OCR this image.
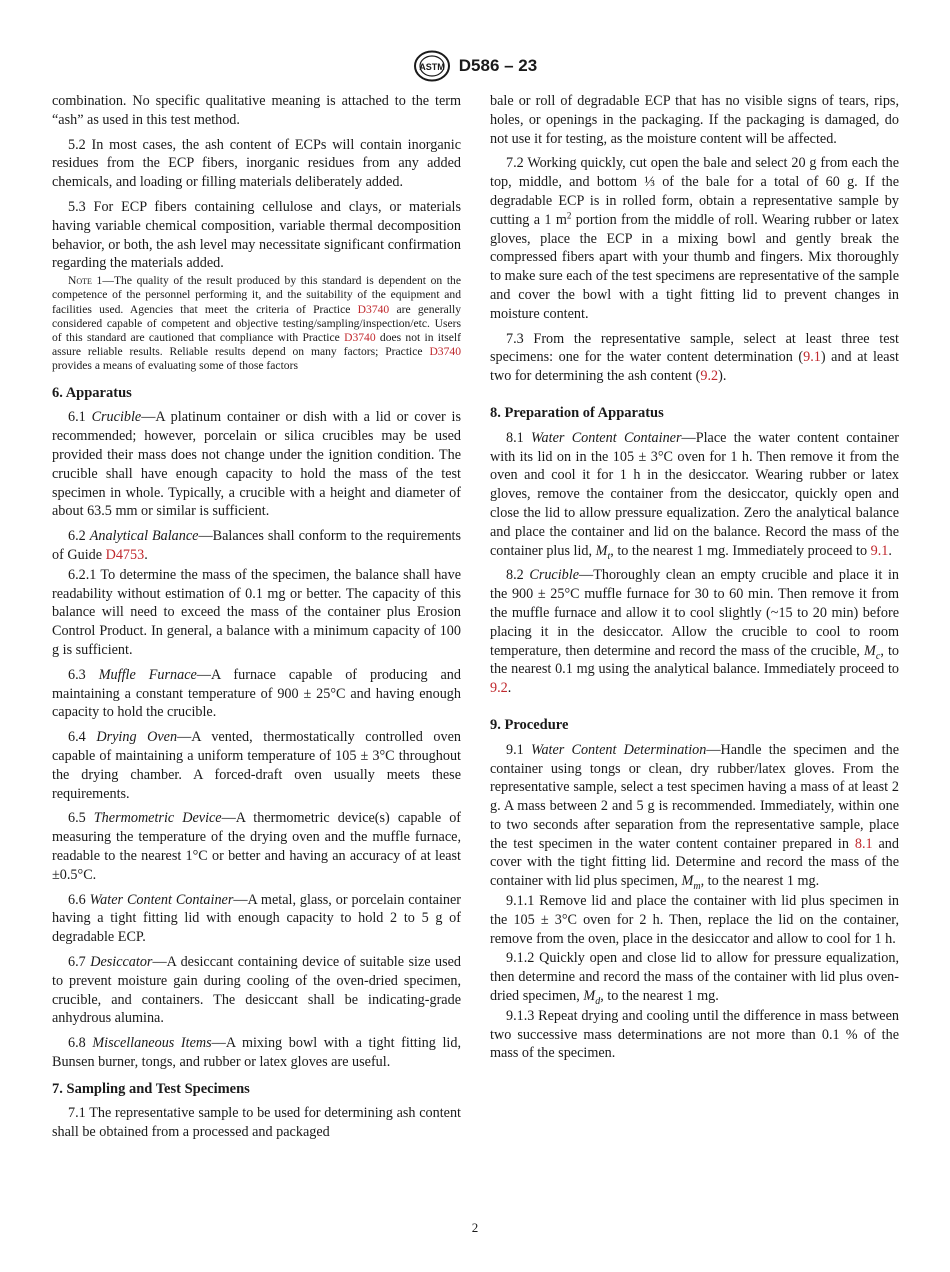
ASTM D586 – 23

combination. No specific qualitative meaning is attached to the term “ash” as used in this test method.

5.2 In most cases, the ash content of ECPs will contain inorganic residues from the ECP fibers, inorganic residues from any added chemicals, and loading or filling materials deliberately added.

5.3 For ECP fibers containing cellulose and clays, or materials having variable chemical composition, variable thermal decomposition behavior, or both, the ash level may necessitate significant confirmation regarding the materials added.

Note 1—The quality of the result produced by this standard is dependent on the competence of the personnel performing it, and the suitability of the equipment and facilities used. Agencies that meet the criteria of Practice D3740 are generally considered capable of competent and objective testing/sampling/inspection/etc. Users of this standard are cautioned that compliance with Practice D3740 does not in itself assure reliable results. Reliable results depend on many factors; Practice D3740 provides a means of evaluating some of those factors
6. Apparatus

6.1 Crucible—A platinum container or dish with a lid or cover is recommended; however, porcelain or silica crucibles may be used provided their mass does not change under the ignition condition. The crucible shall have enough capacity to hold the mass of the test specimen in whole. Typically, a crucible with a height and diameter of about 63.5 mm or similar is sufficient.

6.2 Analytical Balance—Balances shall conform to the requirements of Guide D4753.

6.2.1 To determine the mass of the specimen, the balance shall have readability without estimation of 0.1 mg or better. The capacity of this balance will need to exceed the mass of the container plus Erosion Control Product. In general, a balance with a minimum capacity of 100 g is sufficient.

6.3 Muffle Furnace—A furnace capable of producing and maintaining a constant temperature of 900 ± 25°C and having enough capacity to hold the crucible.

6.4 Drying Oven—A vented, thermostatically controlled oven capable of maintaining a uniform temperature of 105 ± 3°C throughout the drying chamber. A forced-draft oven usually meets these requirements.

6.5 Thermometric Device—A thermometric device(s) capable of measuring the temperature of the drying oven and the muffle furnace, readable to the nearest 1°C or better and having an accuracy of at least ±0.5°C.

6.6 Water Content Container—A metal, glass, or porcelain container having a tight fitting lid with enough capacity to hold 2 to 5 g of degradable ECP.

6.7 Desiccator—A desiccant containing device of suitable size used to prevent moisture gain during cooling of the oven-dried specimen, crucible, and containers. The desiccant shall be indicating-grade anhydrous alumina.

6.8 Miscellaneous Items—A mixing bowl with a tight fitting lid, Bunsen burner, tongs, and rubber or latex gloves are useful.

7. Sampling and Test Specimens

7.1 The representative sample to be used for determining ash content shall be obtained from a processed and packaged

bale or roll of degradable ECP that has no visible signs of tears, rips, holes, or openings in the packaging. If the packaging is damaged, do not use it for testing, as the moisture content will be affected.

7.2 Working quickly, cut open the bale and select 20 g from each the top, middle, and bottom ⅓ of the bale for a total of 60 g. If the degradable ECP is in rolled form, obtain a representative sample by cutting a 1 $m^2$ portion from the middle of roll. Wearing rubber or latex gloves, place the ECP in a mixing bowl and gently break the compressed fibers apart with your thumb and fingers. Mix thoroughly to make sure each of the test specimens are representative of the sample and cover the bowl with a tight fitting lid to prevent changes in moisture content.

7.3 From the representative sample, select at least three test specimens: one for the water content determination (9.1) and at least two for determining the ash content (9.2).

8. Preparation of Apparatus

8.1 Water Content Container—Place the water content container with its lid on in the 105 ± 3°C oven for 1 h. Then remove it from the oven and cool it for 1 h in the desiccator. Wearing rubber or latex gloves, remove the container from the desiccator, quickly open and close the lid to allow pressure equalization. Zero the analytical balance and place the container and lid on the balance. Record the mass of the container plus lid, $M_t$, to the nearest 1 mg. Immediately proceed to 9.1.

8.2 Crucible—Thoroughly clean an empty crucible and place it in the 900 ± 25°C muffle furnace for 30 to 60 min. Then remove it from the muffle furnace and allow it to cool slightly (~15 to 20 min) before placing it in the desiccator. Allow the crucible to cool to room temperature, then determine and record the mass of the crucible, $M_c$, to the nearest 0.1 mg using the analytical balance. Immediately proceed to 9.2.

9. Procedure

9.1 Water Content Determination—Handle the specimen and the container using tongs or clean, dry rubber/latex gloves. From the representative sample, select a test specimen having a mass of at least 2 g. A mass between 2 and 5 g is recommended. Immediately, within one to two seconds after separation from the representative sample, place the test specimen in the water content container prepared in 8.1 and cover with the tight fitting lid. Determine and record the mass of the container with lid plus specimen, $M_m$, to the nearest 1 mg.

9.1.1 Remove lid and place the container with lid plus specimen in the 105 ± 3°C oven for 2 h. Then, replace the lid on the container, remove from the oven, place in the desiccator and allow to cool for 1 h.

9.1.2 Quickly open and close lid to allow for pressure equalization, then determine and record the mass of the container with lid plus oven-dried specimen, $M_d$, to the nearest 1 mg.

9.1.3 Repeat drying and cooling until the difference in mass between two successive mass determinations are not more than 0.1 % of the mass of the specimen.

2
